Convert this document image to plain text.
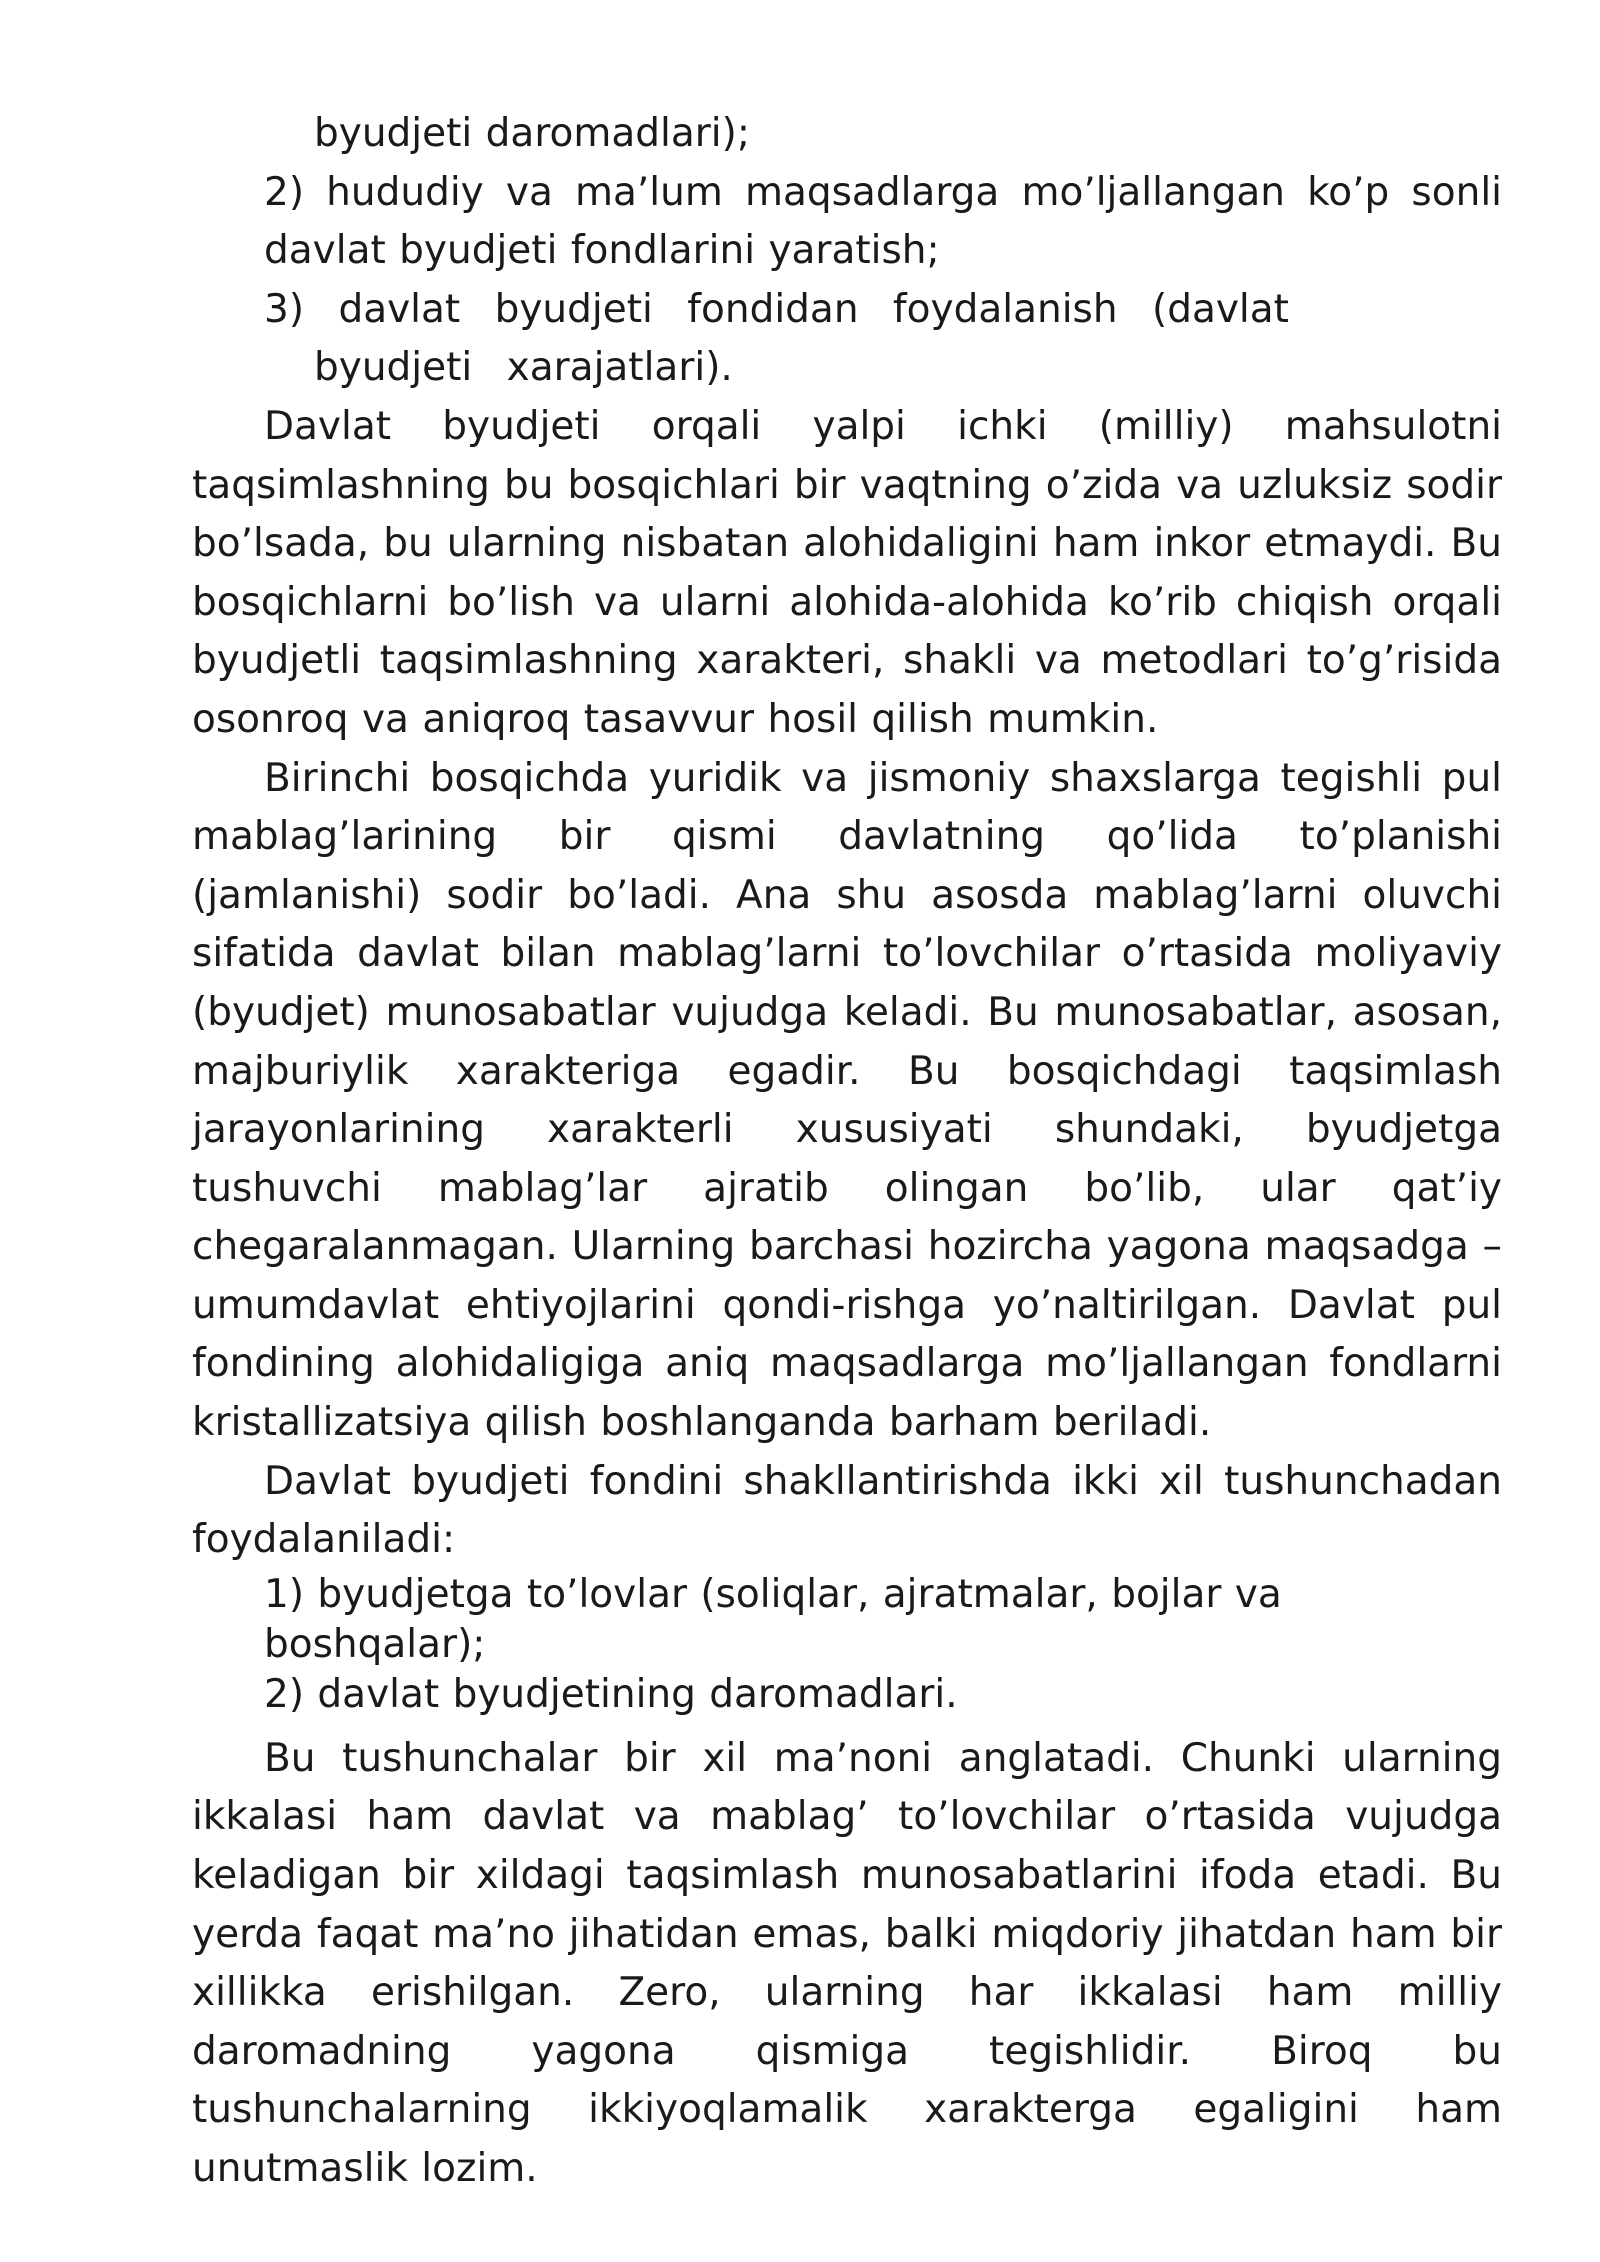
byudjeti daromadlari);

2) hududiy va ma’lum maqsadlarga mo’ljallangan ko’p sonli davlat byudjeti fondlarini yaratish;

3) davlat byudjeti fondidan foydalanish (davlat byudjeti xarajatlari).

Davlat byudjeti orqali yalpi ichki (milliy) mahsulotni taqsimlashning bu bosqichlari bir vaqtning o’zida va uzluksiz sodir bo’lsada, bu ularning nisbatan alohidaligini ham inkor etmaydi. Bu bosqichlarni bo’lish va ularni alohida-alohida ko’rib chiqish orqali byudjetli taqsimlashning xarakteri, shakli va metodlari to’g’risida osonroq va aniqroq tasavvur hosil qilish mumkin.

Birinchi bosqichda yuridik va jismoniy shaxslarga tegishli pul mablag’larining bir qismi davlatning qo’lida to’planishi (jamlanishi) sodir bo’ladi. Ana shu asosda mablag’larni oluvchi sifatida davlat bilan mablag’larni to’lovchilar o’rtasida moliyaviy (byudjet) munosabatlar vujudga keladi. Bu munosabatlar, asosan, majburiylik xarakteriga egadir. Bu bosqichdagi taqsimlash jarayonlarining xarakterli xususiyati shundaki, byudjetga tushuvchi mablag’lar ajratib olingan bo’lib, ular qat’iy chegaralanmagan. Ularning barchasi hozircha yagona maqsadga – umumdavlat ehtiyojlarini qondi-rishga yo’naltirilgan. Davlat pul fondining alohidaligiga aniq maqsadlarga mo’ljallangan fondlarni kristallizatsiya qilish boshlanganda barham beriladi.

Davlat byudjeti fondini shakllantirishda ikki xil tushunchadan foydalaniladi:

1) byudjetga to’lovlar (soliqlar, ajratmalar, bojlar va boshqalar);

2) davlat byudjetining daromadlari.

Bu tushunchalar bir xil ma’noni anglatadi. Chunki ularning ikkalasi ham davlat va mablag’ to’lovchilar o’rtasida vujudga keladigan bir xildagi taqsimlash munosabatlarini ifoda etadi. Bu yerda faqat ma’no jihatidan emas, balki miqdoriy jihatdan ham bir xillikka erishilgan. Zero, ularning har ikkalasi ham milliy daromadning yagona qismiga tegishlidir. Biroq bu tushunchalarning ikkiyoqlamalik xarakterga egaligini ham unutmaslik lozim.
